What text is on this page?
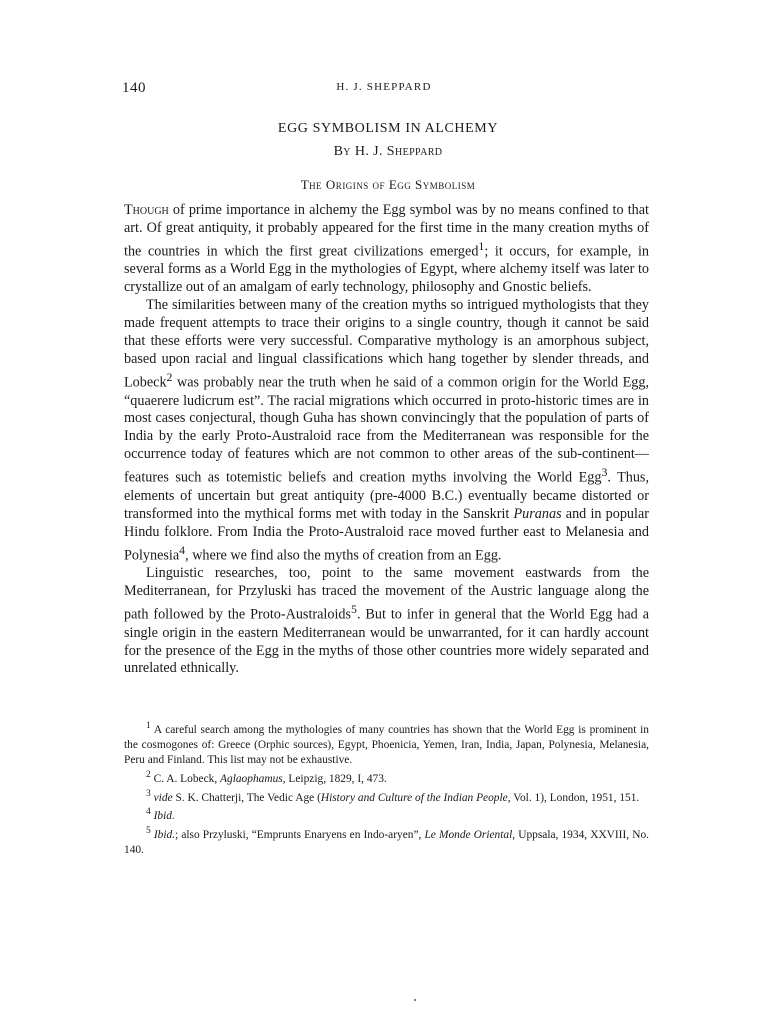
140	H. J. SHEPPARD
EGG SYMBOLISM IN ALCHEMY
By H. J. Sheppard
The Origins of Egg Symbolism

Though of prime importance in alchemy the Egg symbol was by no means confined to that art. Of great antiquity, it probably appeared for the first time in the many creation myths of the countries in which the first great civilizations emerged$^1$; it occurs, for example, in several forms as a World Egg in the mythologies of Egypt, where alchemy itself was later to crystallize out of an amalgam of early technology, philosophy and Gnostic beliefs.

The similarities between many of the creation myths so intrigued mythologists that they made frequent attempts to trace their origins to a single country, though it cannot be said that these efforts were very successful. Comparative mythology is an amorphous subject, based upon racial and lingual classifications which hang together by slender threads, and Lobeck$^2$ was probably near the truth when he said of a common origin for the World Egg, “quaerere ludicrum est”. The racial migrations which occurred in proto-historic times are in most cases conjectural, though Guha has shown convincingly that the population of parts of India by the early Proto-Australoid race from the Mediterranean was responsible for the occurrence today of features which are not common to other areas of the sub-continent—features such as totemistic beliefs and creation myths involving the World Egg$^3$. Thus, elements of uncertain but great antiquity (pre-4000 B.C.) eventually became distorted or transformed into the mythical forms met with today in the Sanskrit Puranas and in popular Hindu folklore. From India the Proto-Australoid race moved further east to Melanesia and Polynesia$^4$, where we find also the myths of creation from an Egg.

Linguistic researches, too, point to the same movement eastwards from the Mediterranean, for Przyluski has traced the movement of the Austric language along the path followed by the Proto-Australoids$^5$. But to infer in general that the World Egg had a single origin in the eastern Mediterranean would be unwarranted, for it can hardly account for the presence of the Egg in the myths of those other countries more widely separated and unrelated ethnically.

$^1$ A careful search among the mythologies of many countries has shown that the World Egg is prominent in the cosmogones of: Greece (Orphic sources), Egypt, Phoenicia, Yemen, Iran, India, Japan, Polynesia, Melanesia, Peru and Finland. This list may not be exhaustive.

$^2$ C. A. Lobeck, Aglaophamus, Leipzig, 1829, I, 473.

$^3$ vide S. K. Chatterji, The Vedic Age (History and Culture of the Indian People, Vol. 1), London, 1951, 151.

$^4$ Ibid.

$^5$ Ibid.; also Przyluski, “Emprunts Enaryens en Indo-aryen”, Le Monde Oriental, Uppsala, 1934, XXVIII, No. 140.
